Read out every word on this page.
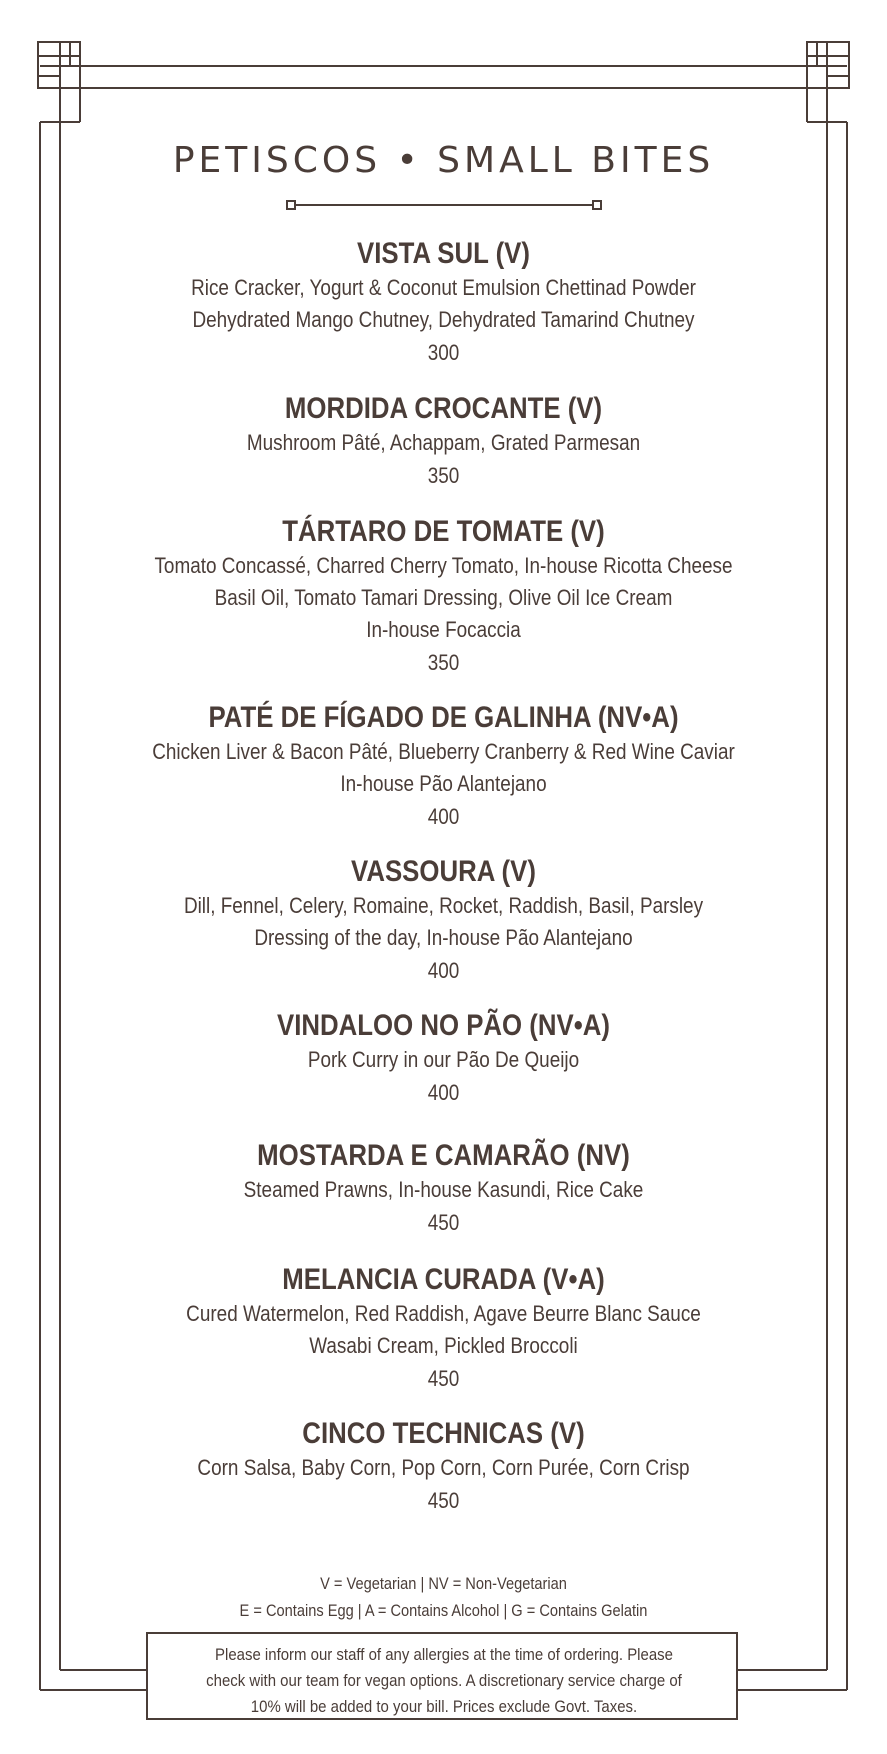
PETISCOS • SMALL BITES
VISTA SUL (V)
Rice Cracker, Yogurt & Coconut Emulsion Chettinad Powder
Dehydrated Mango Chutney, Dehydrated Tamarind Chutney
300
MORDIDA CROCANTE (V)
Mushroom Pâté, Achappam, Grated Parmesan
350
TÁRTARO DE TOMATE (V)
Tomato Concassé, Charred Cherry Tomato, In-house Ricotta Cheese
Basil Oil, Tomato Tamari Dressing, Olive Oil Ice Cream
In-house Focaccia
350
PATÉ DE FÍGADO DE GALINHA (NV•A)
Chicken Liver & Bacon Pâté, Blueberry Cranberry & Red Wine Caviar
In-house Pão Alantejano
400
VASSOURA (V)
Dill, Fennel, Celery, Romaine, Rocket, Raddish, Basil, Parsley
Dressing of the day, In-house Pão Alantejano
400
VINDALOO NO PÃO (NV•A)
Pork Curry in our Pão De Queijo
400
MOSTARDA E CAMARÃO (NV)
Steamed Prawns, In-house Kasundi, Rice Cake
450
MELANCIA CURADA (V•A)
Cured Watermelon, Red Raddish, Agave Beurre Blanc Sauce
Wasabi Cream, Pickled Broccoli
450
CINCO TECHNICAS (V)
Corn Salsa, Baby Corn, Pop Corn, Corn Purée, Corn Crisp
450
V = Vegetarian | NV = Non-Vegetarian
E = Contains Egg | A = Contains Alcohol | G = Contains Gelatin
Please inform our staff of any allergies at the time of ordering. Please
check with our team for vegan options. A discretionary service charge of
10% will be added to your bill. Prices exclude Govt. Taxes.
